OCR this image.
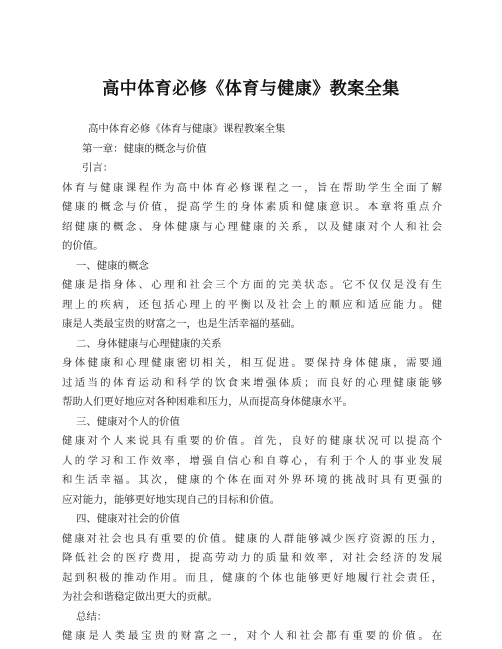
高中体育必修《体育与健康》教案全集
高中体育必修《体育与健康》课程教案全集
第一章：健康的概念与价值
引言：
体育与健康课程作为高中体育必修课程之一，旨在帮助学生全面了解
健康的概念与价值，提高学生的身体素质和健康意识。本章将重点介
绍健康的概念、身体健康与心理健康的关系，以及健康对个人和社会
的价值。
一、健康的概念
健康是指身体、心理和社会三个方面的完美状态。它不仅仅是没有生
理上的疾病，还包括心理上的平衡以及社会上的顺应和适应能力。健
康是人类最宝贵的财富之一，也是生活幸福的基础。
二、身体健康与心理健康的关系
身体健康和心理健康密切相关，相互促进。要保持身体健康，需要通
过适当的体育运动和科学的饮食来增强体质；而良好的心理健康能够
帮助人们更好地应对各种困难和压力，从而提高身体健康水平。
三、健康对个人的价值
健康对个人来说具有重要的价值。首先，良好的健康状况可以提高个
人的学习和工作效率，增强自信心和自尊心，有利于个人的事业发展
和生活幸福。其次，健康的个体在面对外界环境的挑战时具有更强的
应对能力，能够更好地实现自己的目标和价值。
四、健康对社会的价值
健康对社会也具有重要的价值。健康的人群能够减少医疗资源的压力，
降低社会的医疗费用，提高劳动力的质量和效率，对社会经济的发展
起到积极的推动作用。而且，健康的个体也能够更好地履行社会责任，
为社会和谐稳定做出更大的贡献。
总结：
健康是人类最宝贵的财富之一，对个人和社会都有重要的价值。在
